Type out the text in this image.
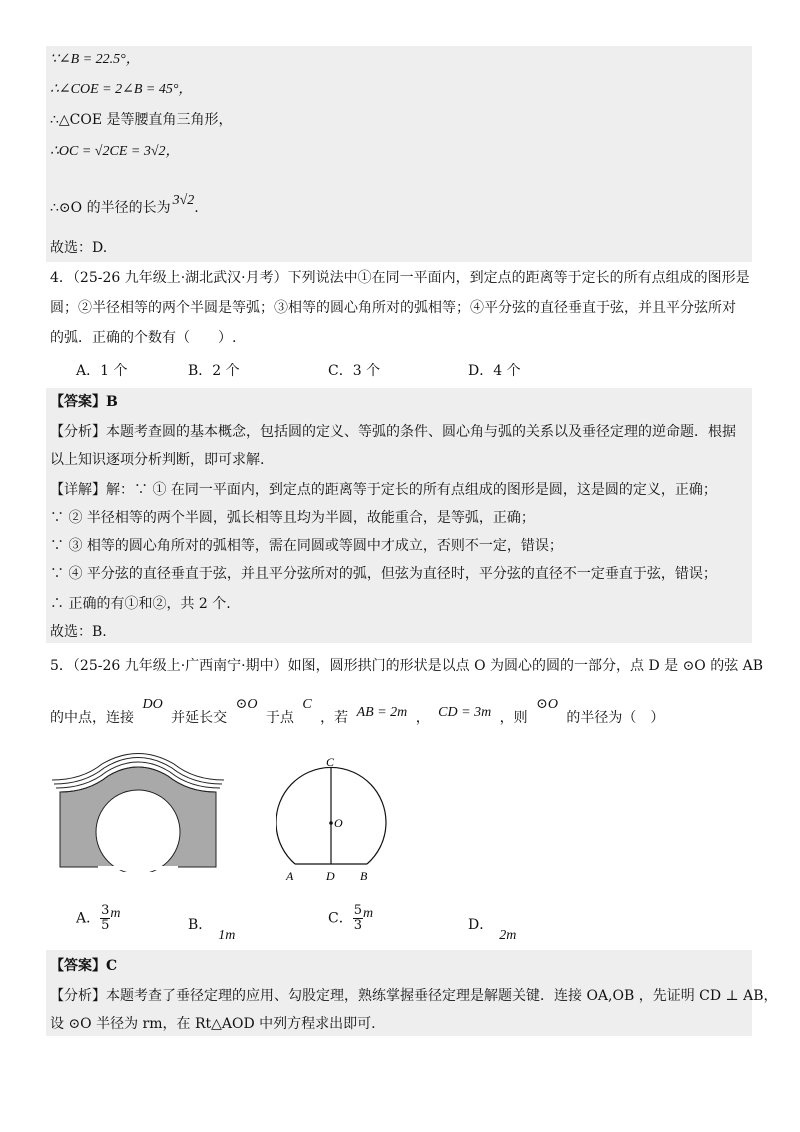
∵∠B = 22.5°，
∴∠COE = 2∠B = 45°，
∴△COE 是等腰直角三角形，
∴OC = √2CE = 3√2，
∴⊙O 的半径的长为 3√2.
故选：D.
4．（25-26 九年级上·湖北武汉·月考）下列说法中①在同一平面内，到定点的距离等于定长的所有点组成的图形是
圆；②半径相等的两个半圆是等弧；③相等的圆心角所对的弧相等；④平分弦的直径垂直于弦，并且平分弦所对
的弧．正确的个数有（　　）.
A．1 个	B．2 个	C．3 个	D．4 个
【答案】B
【分析】本题考查圆的基本概念，包括圆的定义、等弧的条件、圆心角与弧的关系以及垂径定理的逆命题．根据
以上知识逐项分析判断，即可求解.
【详解】解：∵ ① 在同一平面内，到定点的距离等于定长的所有点组成的图形是圆，这是圆的定义，正确；
∵ ② 半径相等的两个半圆，弧长相等且均为半圆，故能重合，是等弧，正确；
∵ ③ 相等的圆心角所对的弧相等，需在同圆或等圆中才成立，否则不一定，错误；
∵ ④ 平分弦的直径垂直于弦，并且平分弦所对的弧，但弦为直径时，平分弦的直径不一定垂直于弦，错误；
∴ 正确的有①和②，共 2 个.
故选：B.
5．（25-26 九年级上·广西南宁·期中）如图，圆形拱门的形状是以点 O 为圆心的圆的一部分，点 D 是 ⊙O 的弦 AB
的中点，连接 DO 并延长交 ⊙O 于点 C ，若 AB = 2m ， CD = 3m ，则 ⊙O 的半径为（　）
C
O
A	D B
A． $\frac{3}{5}$ m
B．1m
C． $\frac{5}{3}$ m
D．2m
【答案】C
【分析】本题考查了垂径定理的应用、勾股定理，熟练掌握垂径定理是解题关键．连接 OA,OB ，先证明 CD ⊥ AB，
设 ⊙O 半径为 rm，在 Rt△AOD 中列方程求出即可.
